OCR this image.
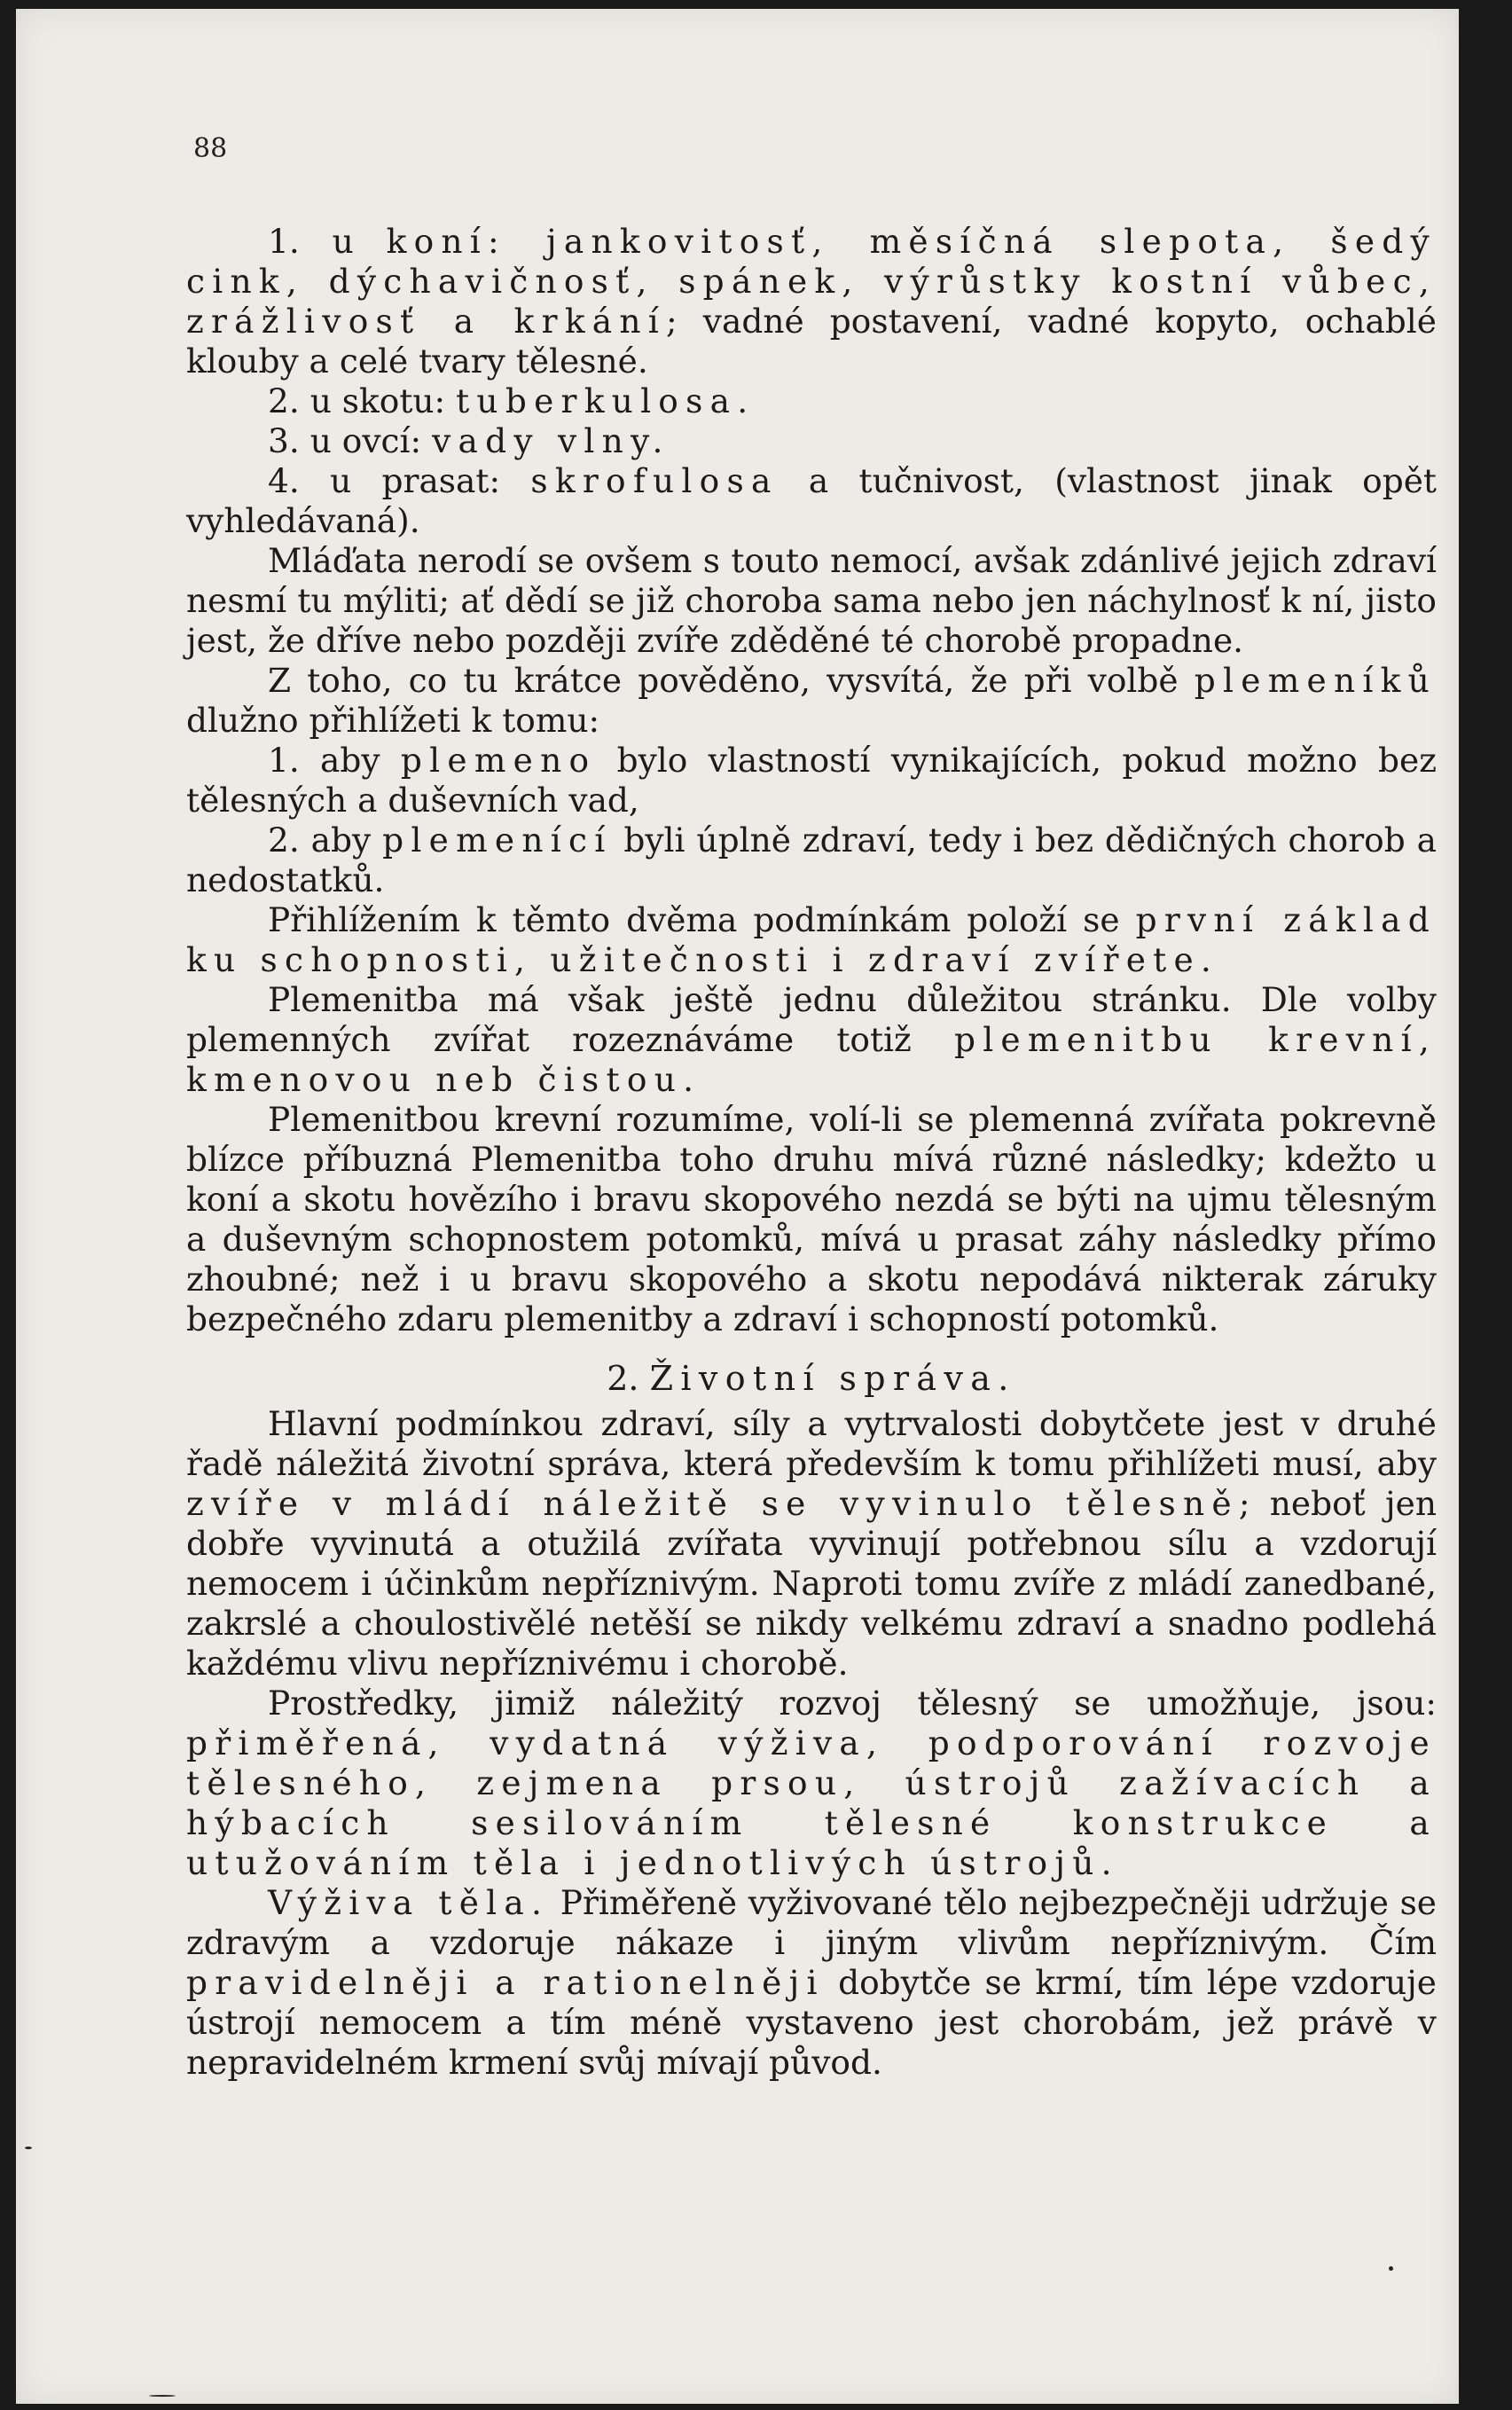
88

1. u koní: jankovitosť, měsíčná slepota, šedý cink, dýchavičnosť, spánek, výrůstky kostní vůbec, zrážlivosť a krkání; vadné postavení, vadné kopyto, ochablé klouby a celé tvary tělesné.

2. u skotu: tuberkulosa.

3. u ovcí: vady vlny.

4. u prasat: skrofulosa a tučnivost, (vlastnost jinak opět vyhledávaná).

Mláďata nerodí se ovšem s touto nemocí, avšak zdánlivé jejich zdraví nesmí tu mýliti; ať dědí se již choroba sama nebo jen náchylnosť k ní, jisto jest, že dříve nebo později zvíře zděděné té chorobě propadne.

Z toho, co tu krátce pověděno, vysvítá, že při volbě plemeníků dlužno přihlížeti k tomu:

1. aby plemeno bylo vlastností vynikajících, pokud možno bez tělesných a duševních vad,

2. aby plemenící byli úplně zdraví, tedy i bez dědičných chorob a nedostatků.

Přihlížením k těmto dvěma podmínkám položí se první základ ku schopnosti, užitečnosti i zdraví zvířete.

Plemenitba má však ještě jednu důležitou stránku. Dle volby plemenných zvířat rozeznáváme totiž plemenitbu krevní, kmenovou neb čistou.

Plemenitbou krevní rozumíme, volí-li se plemenná zvířata pokrevně blízce příbuzná Plemenitba toho druhu mívá různé následky; kdežto u koní a skotu hovězího i bravu skopového nezdá se býti na ujmu tělesným a duševným schopnostem potomků, mívá u prasat záhy následky přímo zhoubné; než i u bravu skopového a skotu nepodává nikterak záruky bezpečného zdaru plemenitby a zdraví i schopností potomků.

2. Životní správa.

Hlavní podmínkou zdraví, síly a vytrvalosti dobytčete jest v druhé řadě náležitá životní správa, která především k tomu přihlížeti musí, aby zvíře v mládí náležitě se vyvinulo tělesně; neboť jen dobře vyvinutá a otužilá zvířata vyvinují potřebnou sílu a vzdorují nemocem i účinkům nepříznivým. Naproti tomu zvíře z mládí zanedbané, zakrslé a choulostivělé netěší se nikdy velkému zdraví a snadno podlehá každému vlivu nepříznivému i chorobě.

Prostředky, jimiž náležitý rozvoj tělesný se umožňuje, jsou: přiměřená, vydatná výživa, podporování rozvoje tělesného, zejmena prsou, ústrojů zažívacích a hýbacích sesilováním tělesné konstrukce a utužováním těla i jednotlivých ústrojů.

Výživa těla. Přiměřeně vyživované tělo nejbezpečněji udržuje se zdravým a vzdoruje nákaze i jiným vlivům nepříznivým. Čím pravidelněji a rationelněji dobytče se krmí, tím lépe vzdoruje ústrojí nemocem a tím méně vystaveno jest chorobám, jež právě v nepravidelném krmení svůj mívají původ.
